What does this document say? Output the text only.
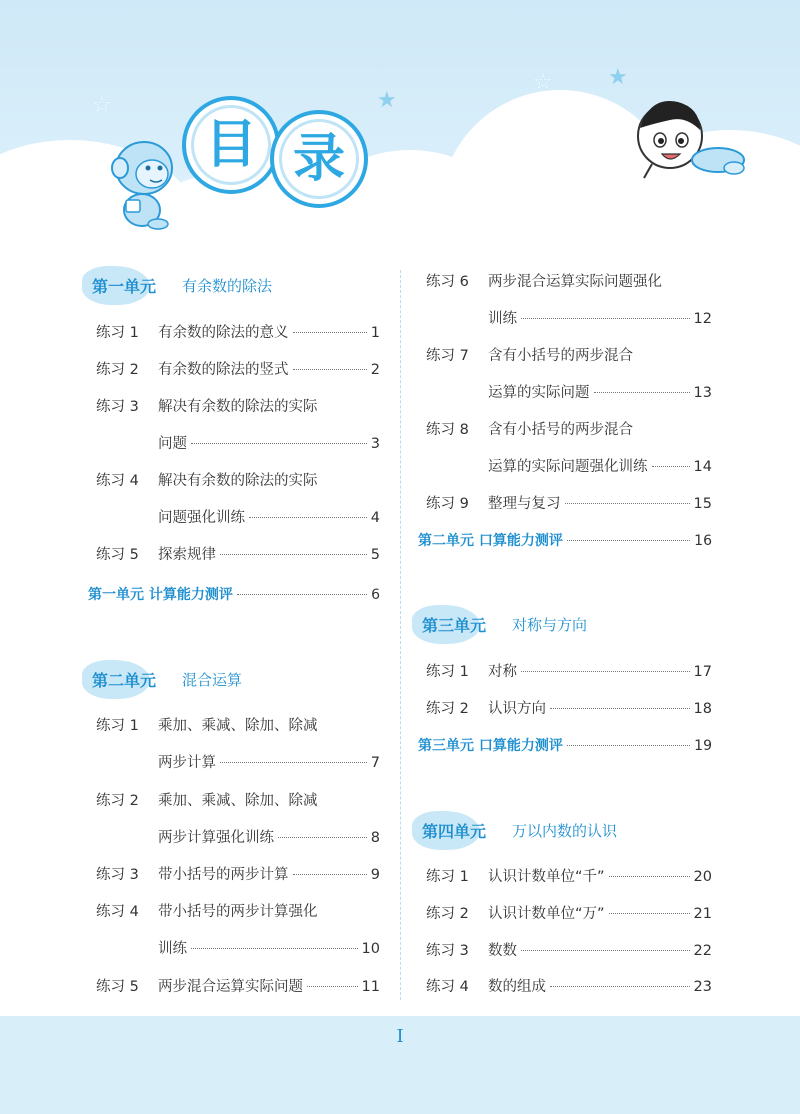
★
★
☆
☆
目 录
第一单元 有余数的除法
练习 1	有余数的除法的意义	1
练习 2	有余数的除法的竖式	2
练习 3	解决有余数的除法的实际
问题	3
练习 4	解决有余数的除法的实际
问题强化训练	4
练习 5	探索规律	5
第一单元 计算能力测评	6
第二单元 混合运算
练习 1	乘加、乘减、除加、除减
两步计算	7
练习 2	乘加、乘减、除加、除减
两步计算强化训练	8
练习 3	带小括号的两步计算	9
练习 4	带小括号的两步计算强化
训练	10
练习 5	两步混合运算实际问题	11
练习 6	两步混合运算实际问题强化
训练	12
练习 7	含有小括号的两步混合
运算的实际问题	13
练习 8	含有小括号的两步混合
运算的实际问题强化训练	14
练习 9	整理与复习	15
第二单元 口算能力测评	16
第三单元 对称与方向
练习 1	对称	17
练习 2	认识方向	18
第三单元 口算能力测评	19
第四单元 万以内数的认识
练习 1	认识计数单位“千”	20
练习 2	认识计数单位“万”	21
练习 3	数数	22
练习 4	数的组成	23
I
